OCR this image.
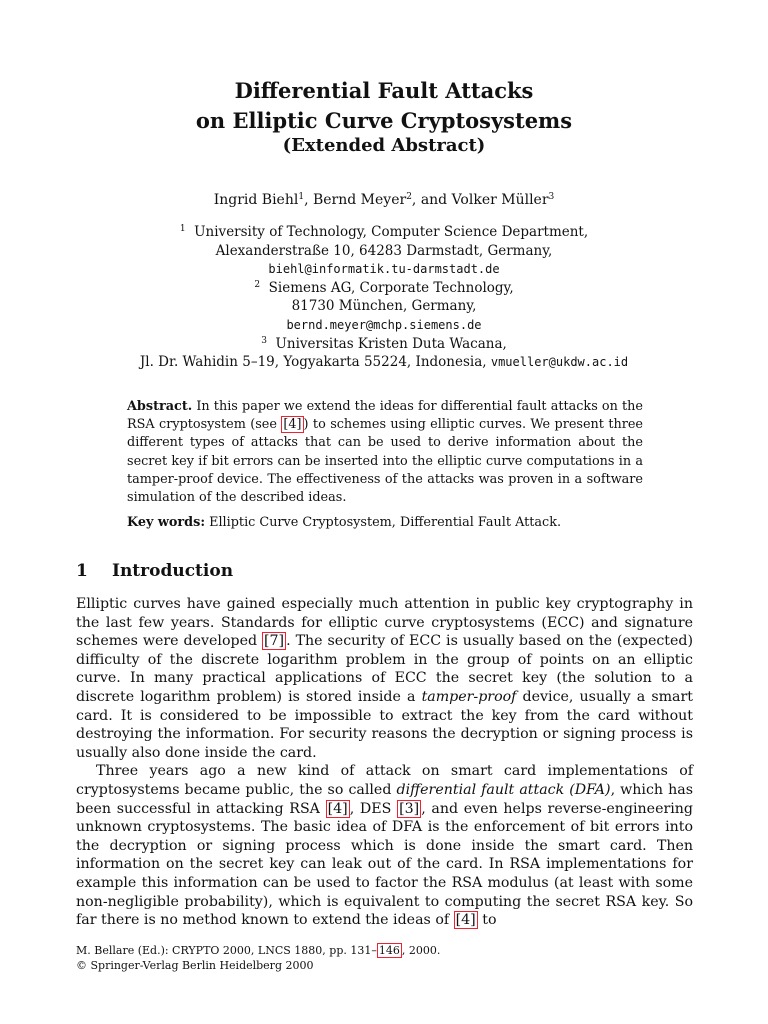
Differential Fault Attacks
on Elliptic Curve Cryptosystems
(Extended Abstract)
Ingrid Biehl$^1$, Bernd Meyer$^2$, and Volker Müller$^3$
$^1$ University of Technology, Computer Science Department,
Alexanderstraße 10, 64283 Darmstadt, Germany,
biehl@informatik.tu-darmstadt.de
$^2$ Siemens AG, Corporate Technology,
81730 München, Germany,
bernd.meyer@mchp.siemens.de
$^3$ Universitas Kristen Duta Wacana,
Jl. Dr. Wahidin 5–19, Yogyakarta 55224, Indonesia, vmueller@ukdw.ac.id
Abstract. In this paper we extend the ideas for differential fault attacks on the RSA cryptosystem (see [4] ) to schemes using elliptic curves. We present three different types of attacks that can be used to derive information about the secret key if bit errors can be inserted into the elliptic curve computations in a tamper-proof device. The effectiveness of the attacks was proven in a software simulation of the described ideas.
Key words: Elliptic Curve Cryptosystem, Differential Fault Attack.
1 Introduction

Elliptic curves have gained especially much attention in public key cryptography in the last few years. Standards for elliptic curve cryptosystems (ECC) and signature schemes were developed [7] . The security of ECC is usually based on the (expected) difficulty of the discrete logarithm problem in the group of points on an elliptic curve. In many practical applications of ECC the secret key (the solution to a discrete logarithm problem) is stored inside a tamper-proof device, usually a smart card. It is considered to be impossible to extract the key from the card without destroying the information. For security reasons the decryption or signing process is usually also done inside the card.

Three years ago a new kind of attack on smart card implementations of cryptosystems became public, the so called differential fault attack (DFA), which has been successful in attacking RSA [4] , DES [3] , and even helps reverse-engineering unknown cryptosystems. The basic idea of DFA is the enforcement of bit errors into the decryption or signing process which is done inside the smart card. Then information on the secret key can leak out of the card. In RSA implementations for example this information can be used to factor the RSA modulus (at least with some non-negligible probability), which is equivalent to computing the secret RSA key. So far there is no method known to extend the ideas of [4] to

M. Bellare (Ed.): CRYPTO 2000, LNCS 1880, pp. 131– 146 , 2000.
© Springer-Verlag Berlin Heidelberg 2000
